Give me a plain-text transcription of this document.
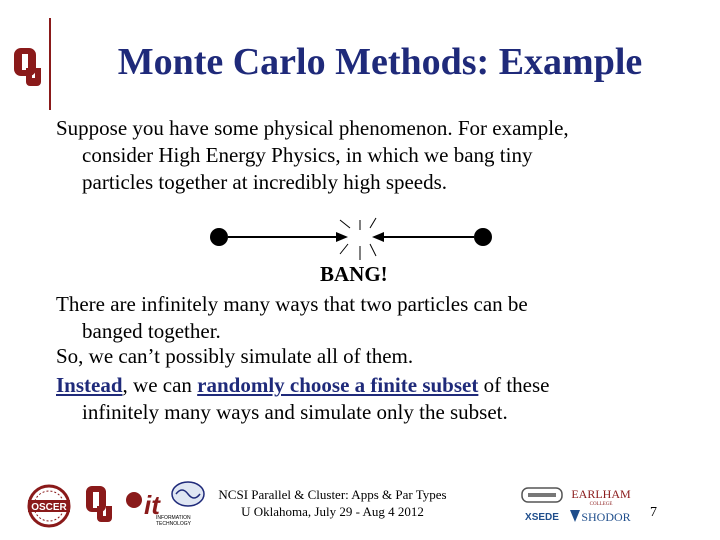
Monte Carlo Methods: Example
Suppose you have some physical phenomenon. For example,
consider High Energy Physics, in which we bang tiny
particles together at incredibly high speeds.
BANG!
There are infinitely many ways that two particles can be
banged together.
So, we can’t possibly simulate all of them.
Instead, we can randomly choose a finite subset of these
infinitely many ways and simulate only the subset.
OSCER	it
INFORMATION
TECHNOLOGY
NCSI Parallel & Cluster: Apps & Par Types
U Oklahoma, July 29 - Aug 4 2012	XSEDE
EARLHAM
COLLEGE
SHODOR 7
